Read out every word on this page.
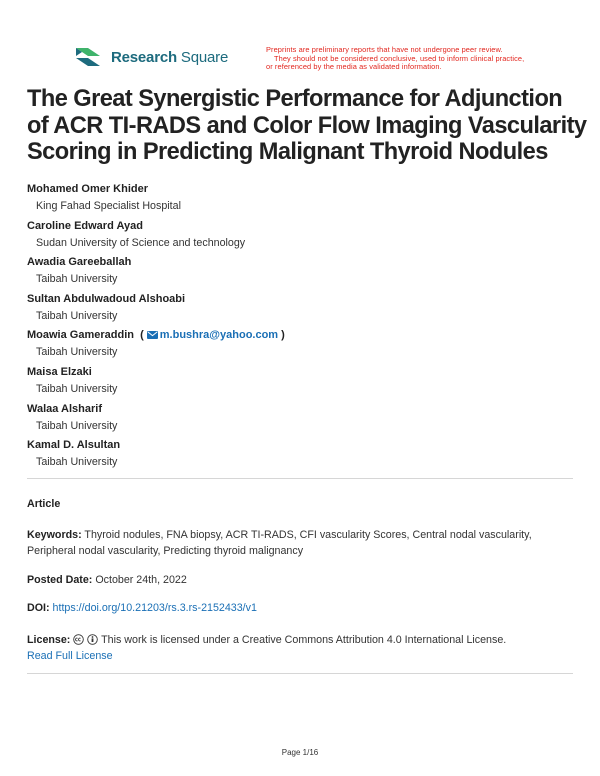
Research Square	Preprints are preliminary reports that have not undergone peer review.
They should not be considered conclusive, used to inform clinical practice,
or referenced by the media as validated information.
The Great Synergistic Performance for Adjunction
of ACR TI-RADS and Color Flow Imaging Vascularity
Scoring in Predicting Malignant Thyroid Nodules
Mohamed Omer Khider
King Fahad Specialist Hospital
Caroline Edward Ayad
Sudan University of Science and technology
Awadia Gareeballah
Taibah University
Sultan Abdulwadoud Alshoabi
Taibah University
Moawia Gameraddin  ( m.bushra@yahoo.com )
Taibah University
Maisa Elzaki
Taibah University
Walaa Alsharif
Taibah University
Kamal D. Alsultan
Taibah University
Article
Keywords: Thyroid nodules, FNA biopsy, ACR TI-RADS, CFI vascularity Scores, Central nodal vascularity,
Peripheral nodal vascularity, Predicting thyroid malignancy
Posted Date: October 24th, 2022
DOI: https://doi.org/10.21203/rs.3.rs-2152433/v1
License:	This work is licensed under a Creative Commons Attribution 4.0 International License.
Read Full License
Page 1/16
